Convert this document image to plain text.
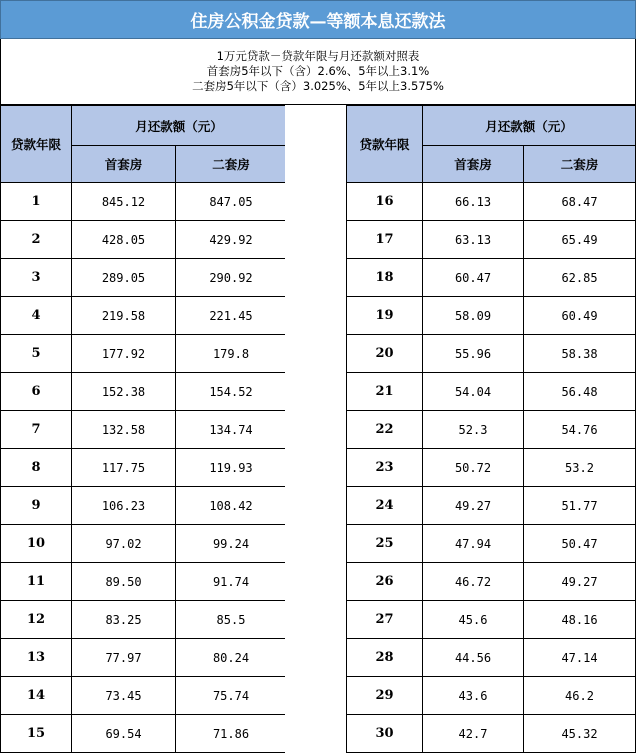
住房公积金贷款—等额本息还款法
1万元贷款－贷款年限与月还款额对照表
首套房5年以下（含）2.6%、5年以上3.1%
二套房5年以下（含）3.025%、5年以上3.575%
贷款年限	月还款额（元）	
	首套房	二套房
1	845.12	847.05
2	428.05	429.92
3	289.05	290.92
4	219.58	221.45
5	177.92	179.8
6	152.38	154.52
7	132.58	134.74
8	117.75	119.93
9	106.23	108.42
10	97.02	99.24
11	89.50	91.74
12	83.25	85.5
13	77.97	80.24
14	73.45	75.74
15	69.54	71.86
贷款年限	月还款额（元）	
	首套房	二套房
16	66.13	68.47
17	63.13	65.49
18	60.47	62.85
19	58.09	60.49
20	55.96	58.38
21	54.04	56.48
22	52.3	54.76
23	50.72	53.2
24	49.27	51.77
25	47.94	50.47
26	46.72	49.27
27	45.6	48.16
28	44.56	47.14
29	43.6	46.2
30	42.7	45.32
